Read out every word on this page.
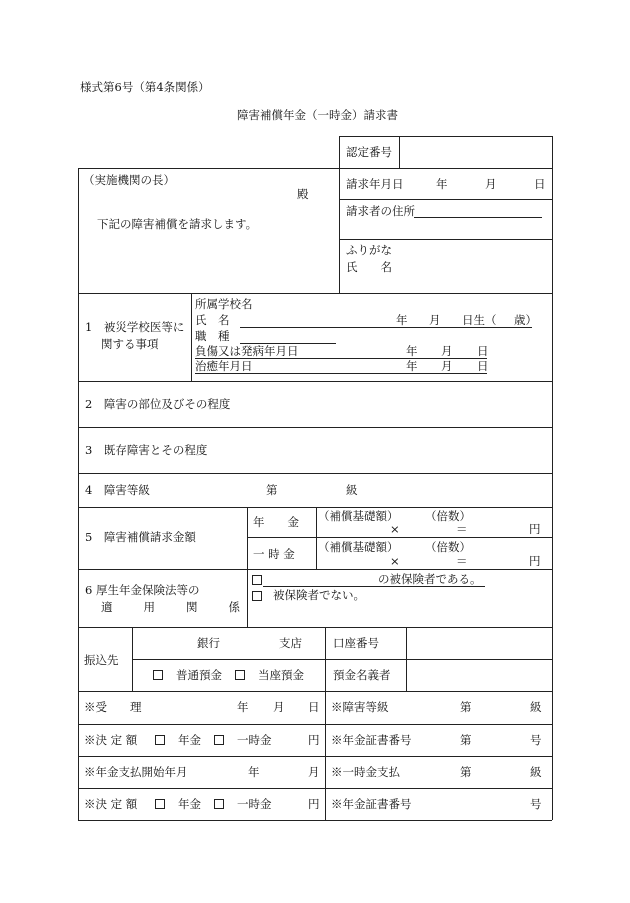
様式第6号（第4条関係）
障害補償年金（一時金）請求書
認定番号
（実施機関の長）
殿
下記の障害補償を請求します。
請求年月日	年	月	日
請求者の住所
ふりがな
氏　　名
1　被災学校医等に
関する事項
所属学校名
氏　名	年 月 日生（ 歳）
職　種
負傷又は発病年月日	年 月 日
治癒年月日	年 月 日
2　障害の部位及びその程度
3　既存障害とその程度
4　障害等級	第	級
5　障害補償請求金額
年　　金 （補償基礎額） （倍数）
×	＝	円
一 時 金 （補償基礎額） （倍数）
×	＝	円
6 厚生年金保険法等の
適	用	関	係
の被保険者である。
被保険者でない。
振込先
銀行	支店	口座番号
普通預金	当座預金	預金名義者
※受　　理	年 月 日 ※障害等級	第	級
※決 定 額	年金	一時金	円 ※年金証書番号	第	号
※年金支払開始年月	年	月 ※一時金支払	第	級
※決 定 額	年金	一時金	円 ※年金証書番号	号
